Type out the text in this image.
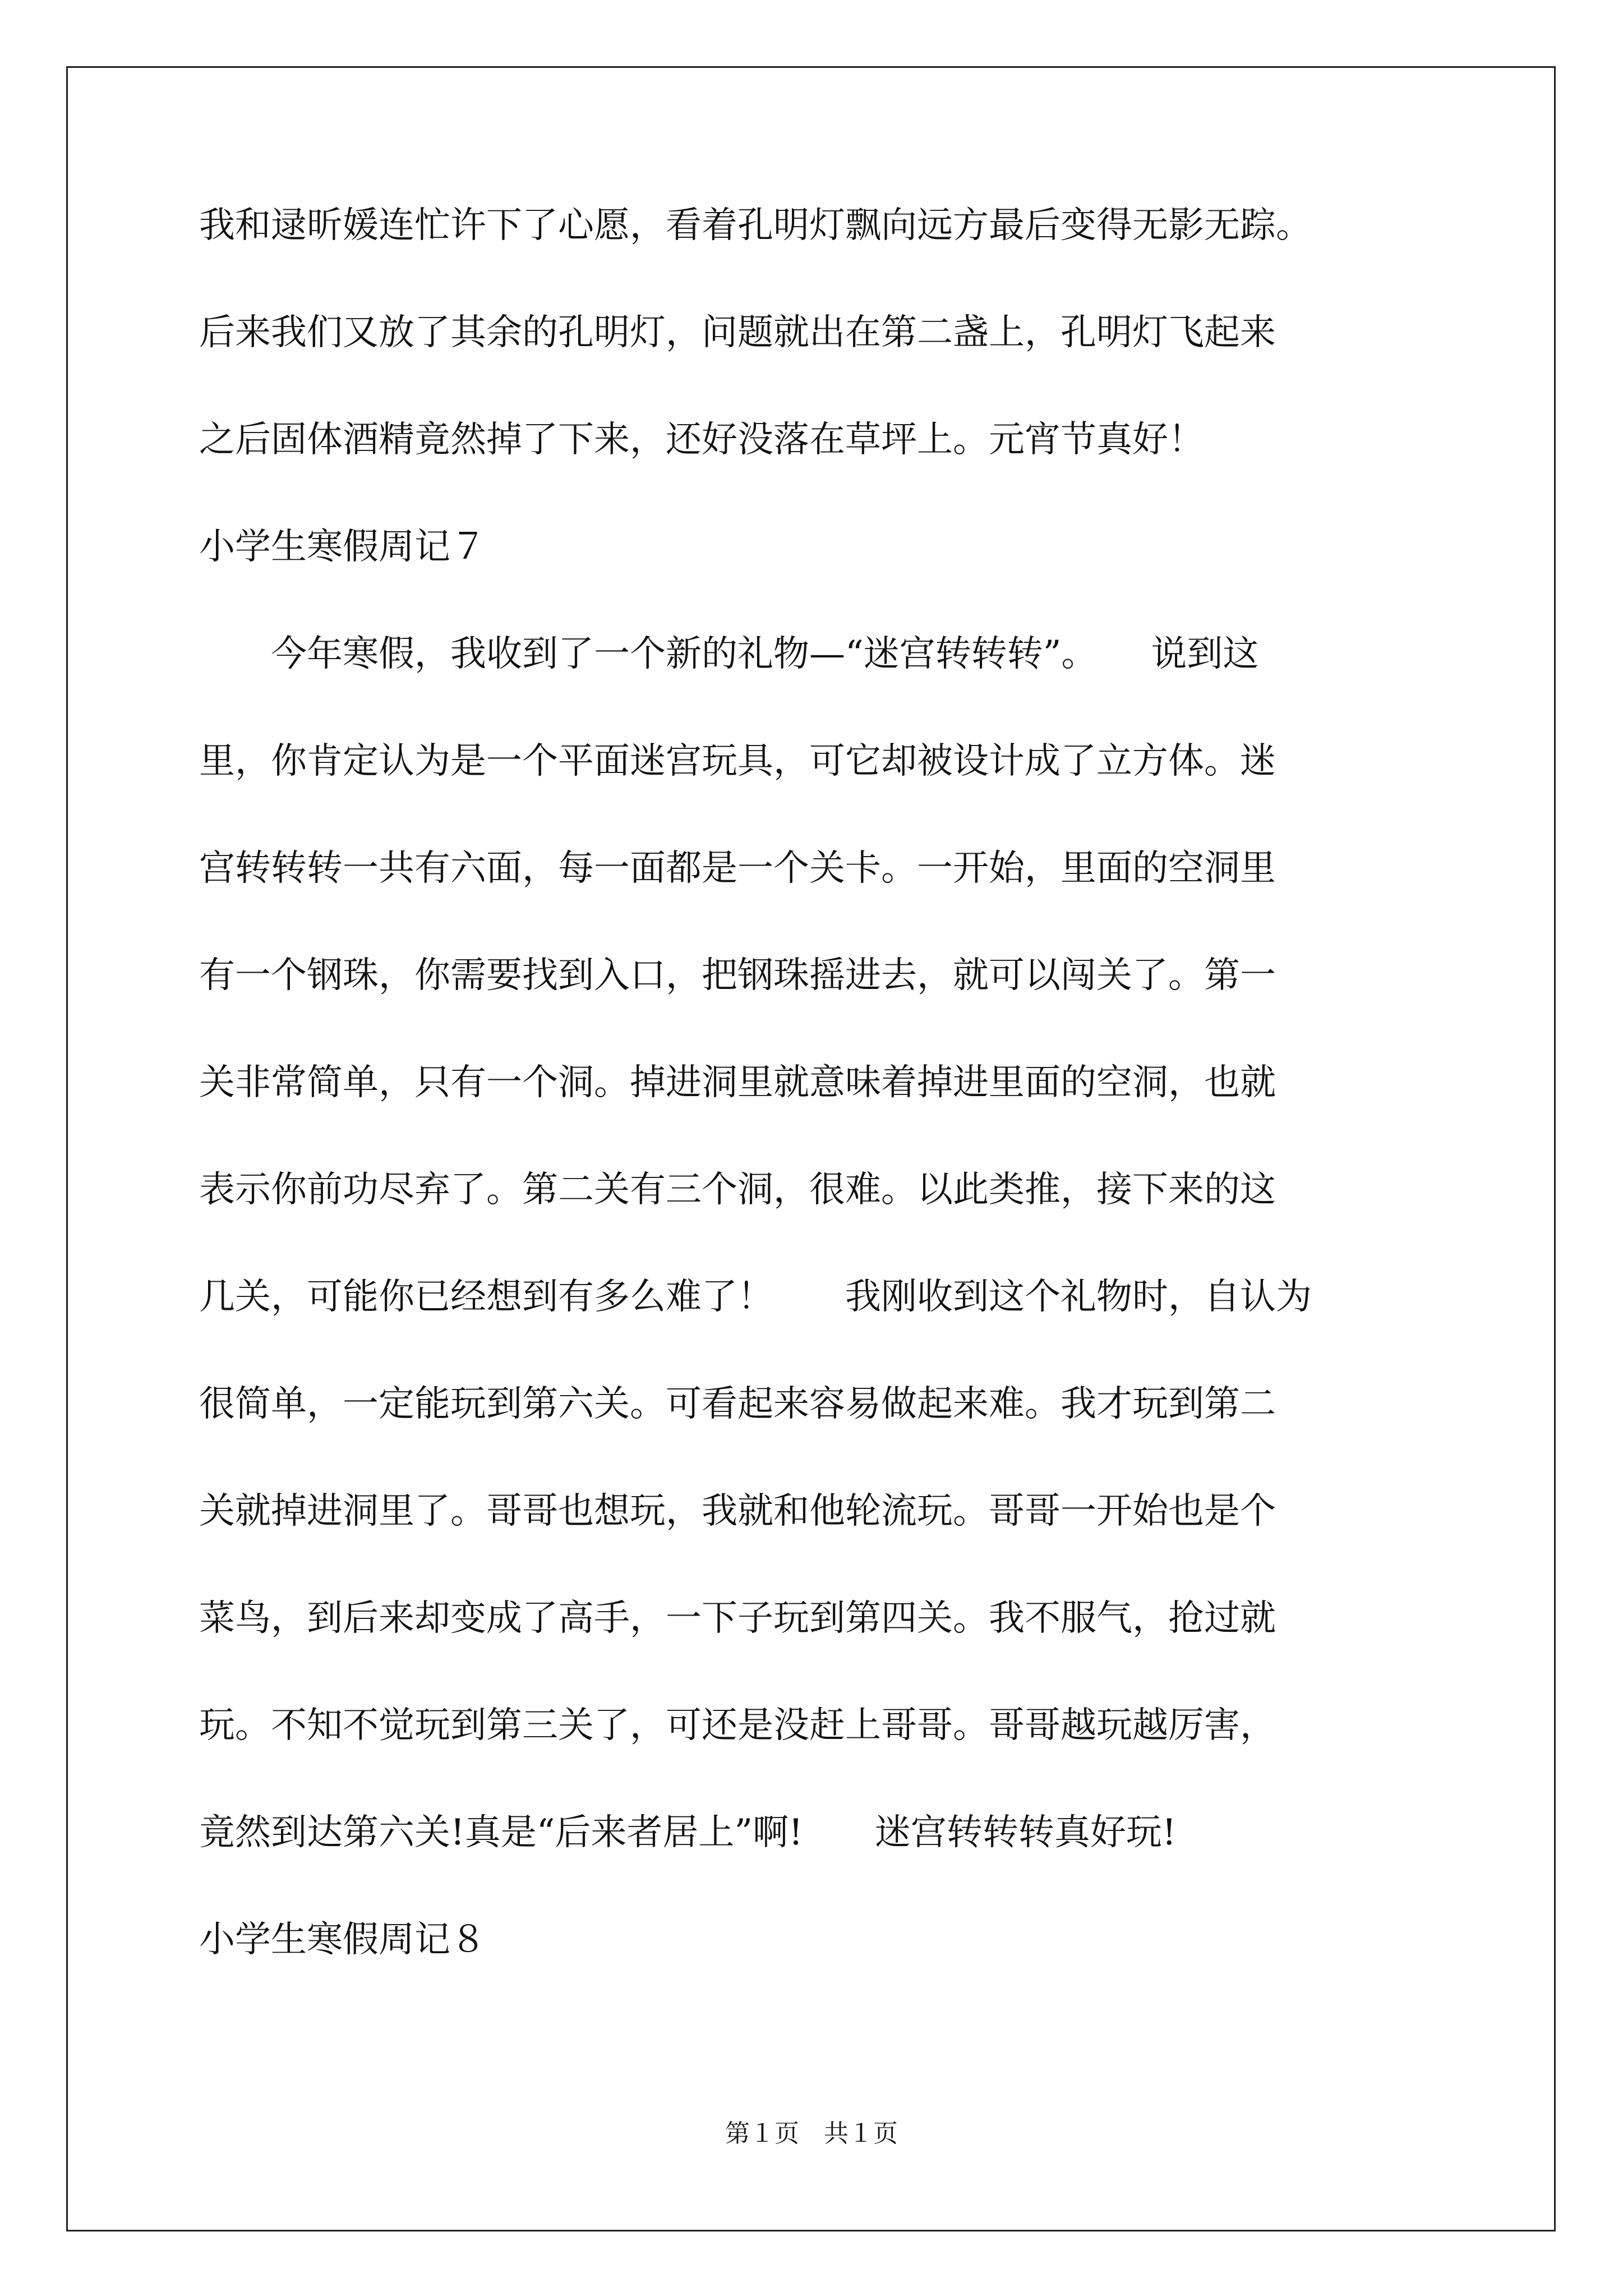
我和逯昕媛连忙许下了心愿，看着孔明灯飘向远方最后变得无影无踪。
后来我们又放了其余的孔明灯，问题就出在第二盏上，孔明灯飞起来
之后固体酒精竟然掉了下来，还好没落在草坪上。元宵节真好！
小学生寒假周记７
　　今年寒假，我收到了一个新的礼物—“迷宫转转转”。　　说到这
里，你肯定认为是一个平面迷宫玩具，可它却被设计成了立方体。迷
宫转转转一共有六面，每一面都是一个关卡。一开始，里面的空洞里
有一个钢珠，你需要找到入口，把钢珠摇进去，就可以闯关了。第一
关非常简单，只有一个洞。掉进洞里就意味着掉进里面的空洞，也就
表示你前功尽弃了。第二关有三个洞，很难。以此类推，接下来的这
几关，可能你已经想到有多么难了！　　我刚收到这个礼物时，自认为
很简单，一定能玩到第六关。可看起来容易做起来难。我才玩到第二
关就掉进洞里了。哥哥也想玩，我就和他轮流玩。哥哥一开始也是个
菜鸟，到后来却变成了高手，一下子玩到第四关。我不服气，抢过就
玩。不知不觉玩到第三关了，可还是没赶上哥哥。哥哥越玩越厉害，
竟然到达第六关!真是“后来者居上”啊!　　迷宫转转转真好玩!
小学生寒假周记８
第１页　共１页
